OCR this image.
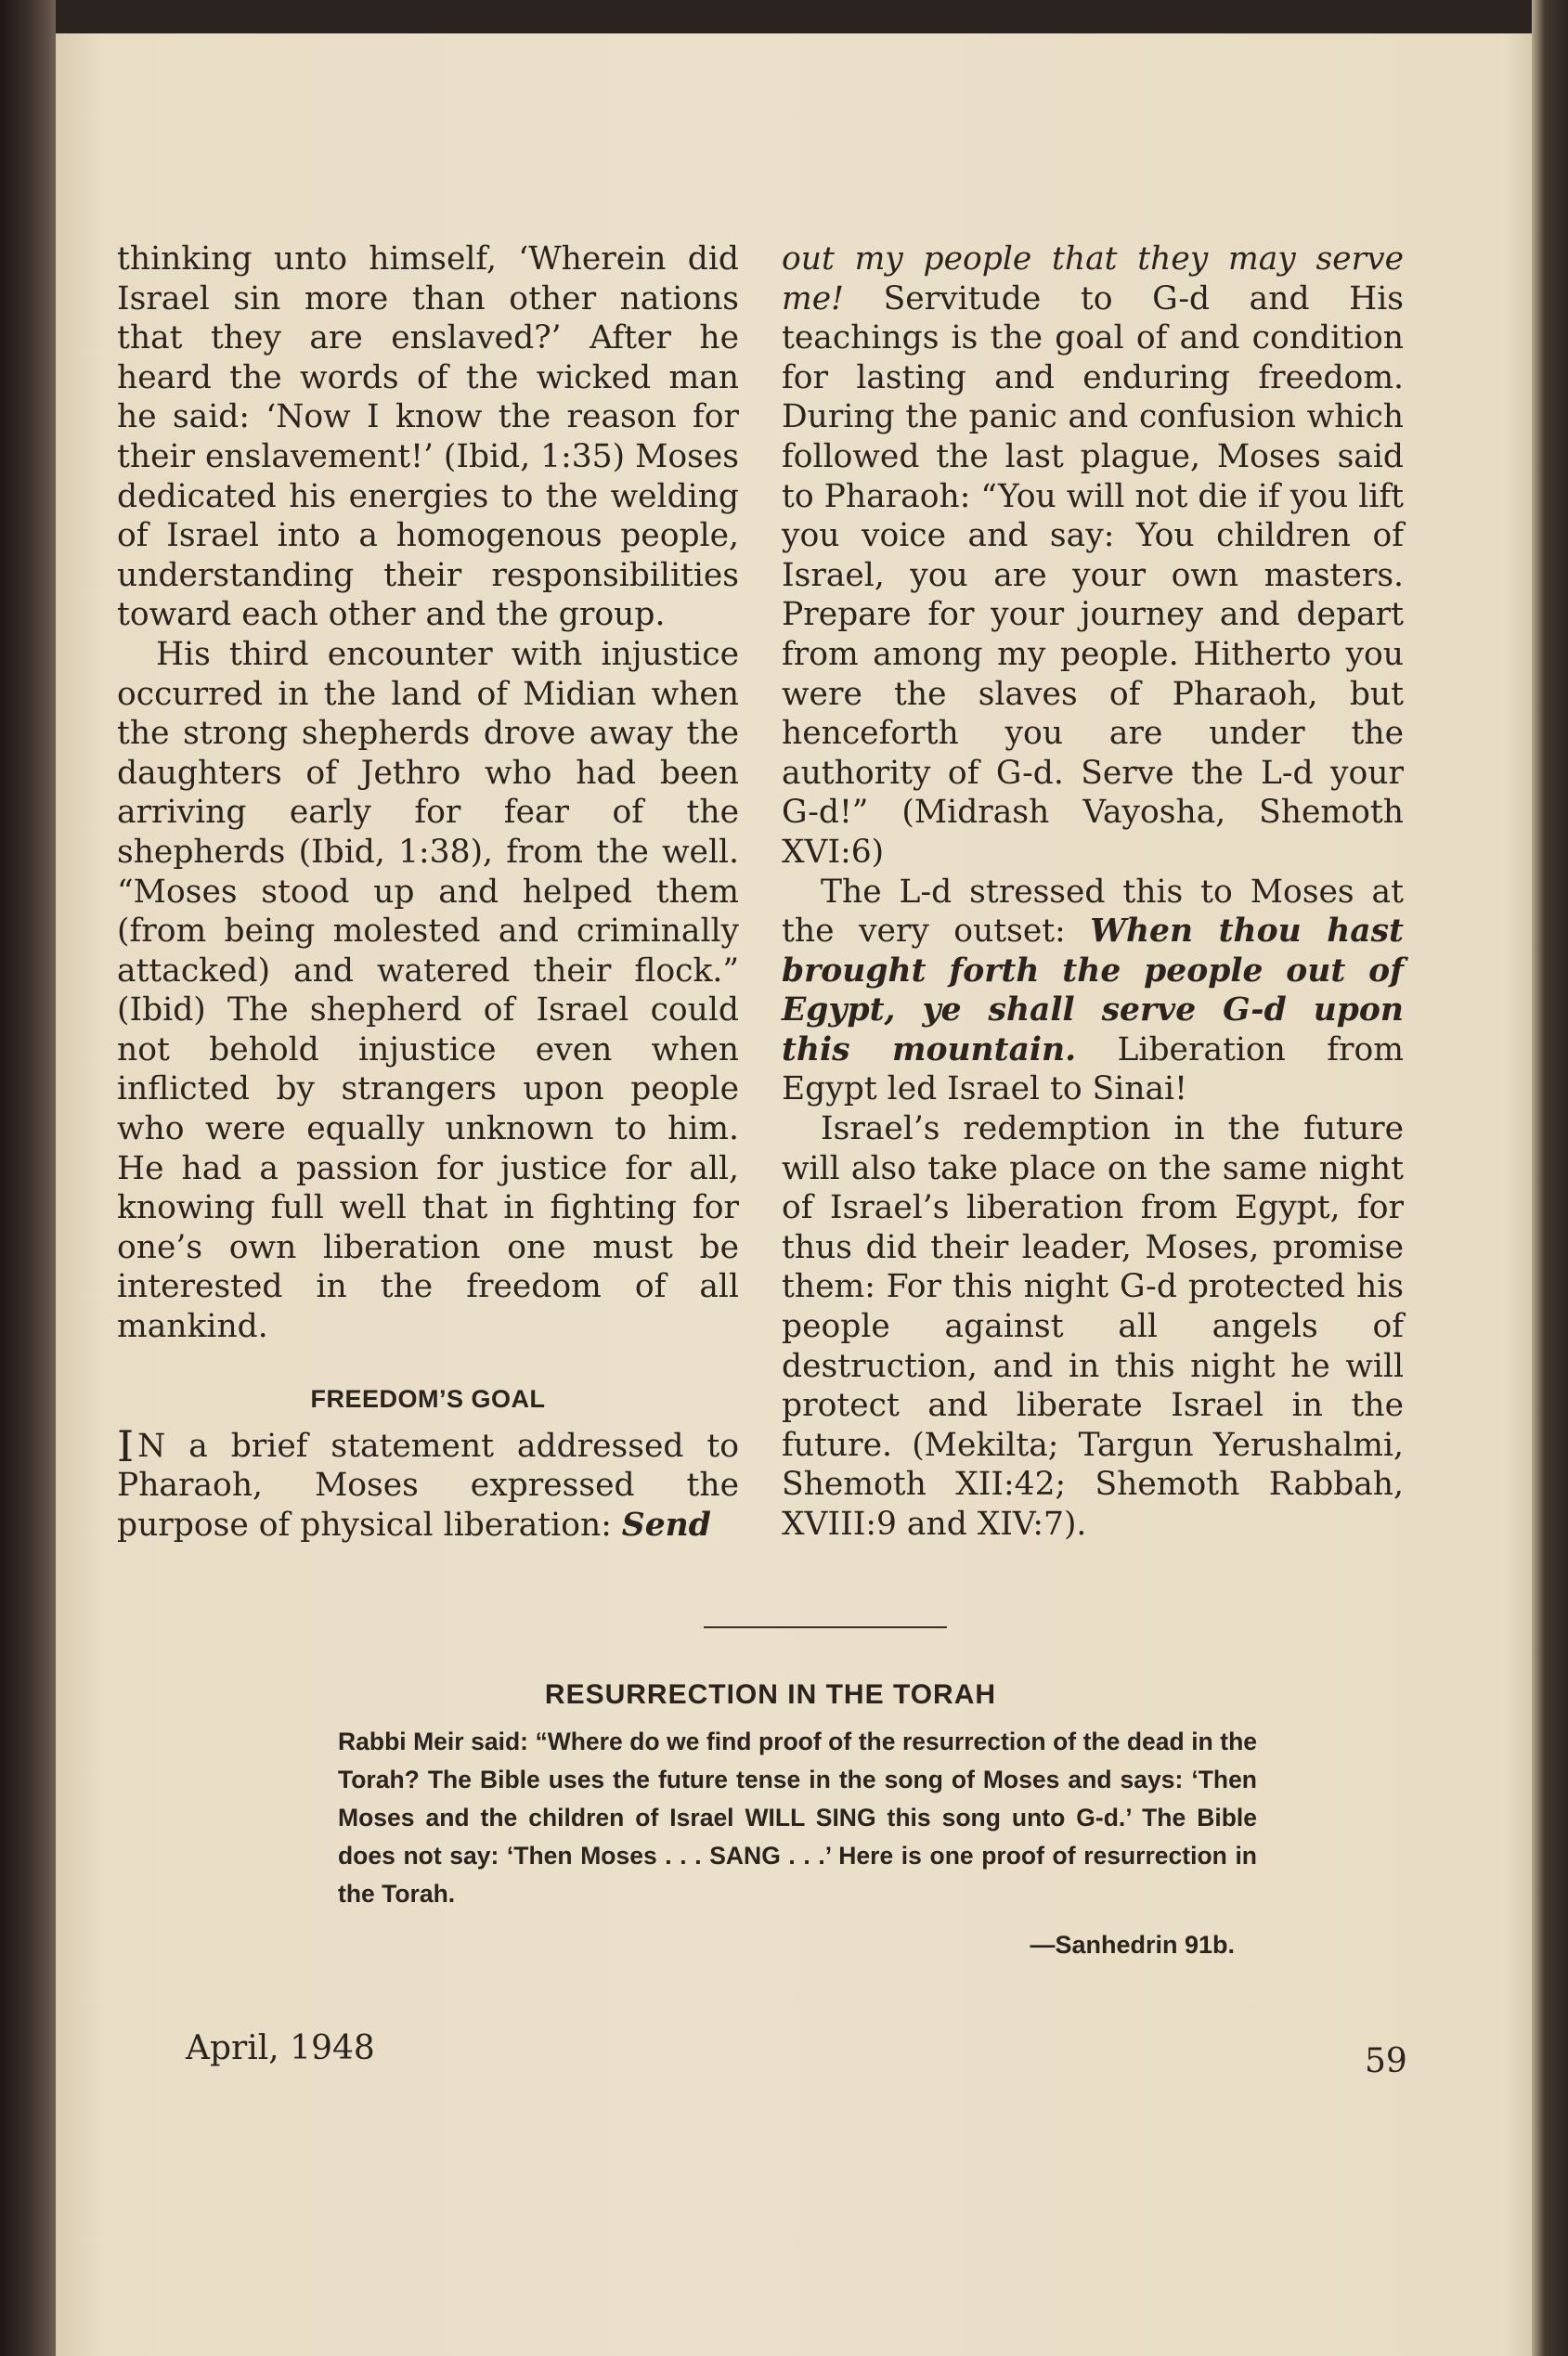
thinking unto himself, ‘Wherein did Israel sin more than other nations that they are enslaved?’ After he heard the words of the wicked man he said: ‘Now I know the reason for their enslavement!’ (Ibid, 1:35) Moses dedicated his energies to the welding of Israel into a homogenous people, understanding their responsibilities toward each other and the group.

His third encounter with injustice occurred in the land of Midian when the strong shepherds drove away the daughters of Jethro who had been arriving early for fear of the shepherds (Ibid, 1:38), from the well. “Moses stood up and helped them (from being molested and criminally attacked) and watered their flock.” (Ibid) The shepherd of Israel could not behold injustice even when inflicted by strangers upon people who were equally unknown to him. He had a passion for justice for all, knowing full well that in fighting for one’s own liberation one must be interested in the freedom of all mankind.

FREEDOM’S GOAL

I N a brief statement addressed to Pharaoh, Moses expressed the purpose of physical liberation: Send

out my people that they may serve me! Servitude to G-d and His teachings is the goal of and condition for lasting and enduring freedom. During the panic and confusion which followed the last plague, Moses said to Pharaoh: “You will not die if you lift you voice and say: You children of Israel, you are your own masters. Prepare for your journey and depart from among my people. Hitherto you were the slaves of Pharaoh, but henceforth you are under the authority of G-d. Serve the L-d your G-d!” (Midrash Vayosha, Shemoth XVI:6)

The L-d stressed this to Moses at the very outset: When thou hast brought forth the people out of Egypt, ye shall serve G-d upon this mountain. Liberation from Egypt led Israel to Sinai!

Israel’s redemption in the future will also take place on the same night of Israel’s liberation from Egypt, for thus did their leader, Moses, promise them: For this night G-d protected his people against all angels of destruction, and in this night he will protect and liberate Israel in the future. (Mekilta; Targun Yerushalmi, Shemoth XII:42; Shemoth Rabbah, XVIII:9 and XIV:7).

RESURRECTION IN THE TORAH
Rabbi Meir said: “Where do we find proof of the resurrection of the dead in the Torah? The Bible uses the future tense in the song of Moses and says: ‘Then Moses and the children of Israel WILL SING this song unto G-d.’ The Bible does not say: ‘Then Moses . . . SANG . . .’ Here is one proof of resurrection in the Torah.
—Sanhedrin 91b.
April, 1948	59
